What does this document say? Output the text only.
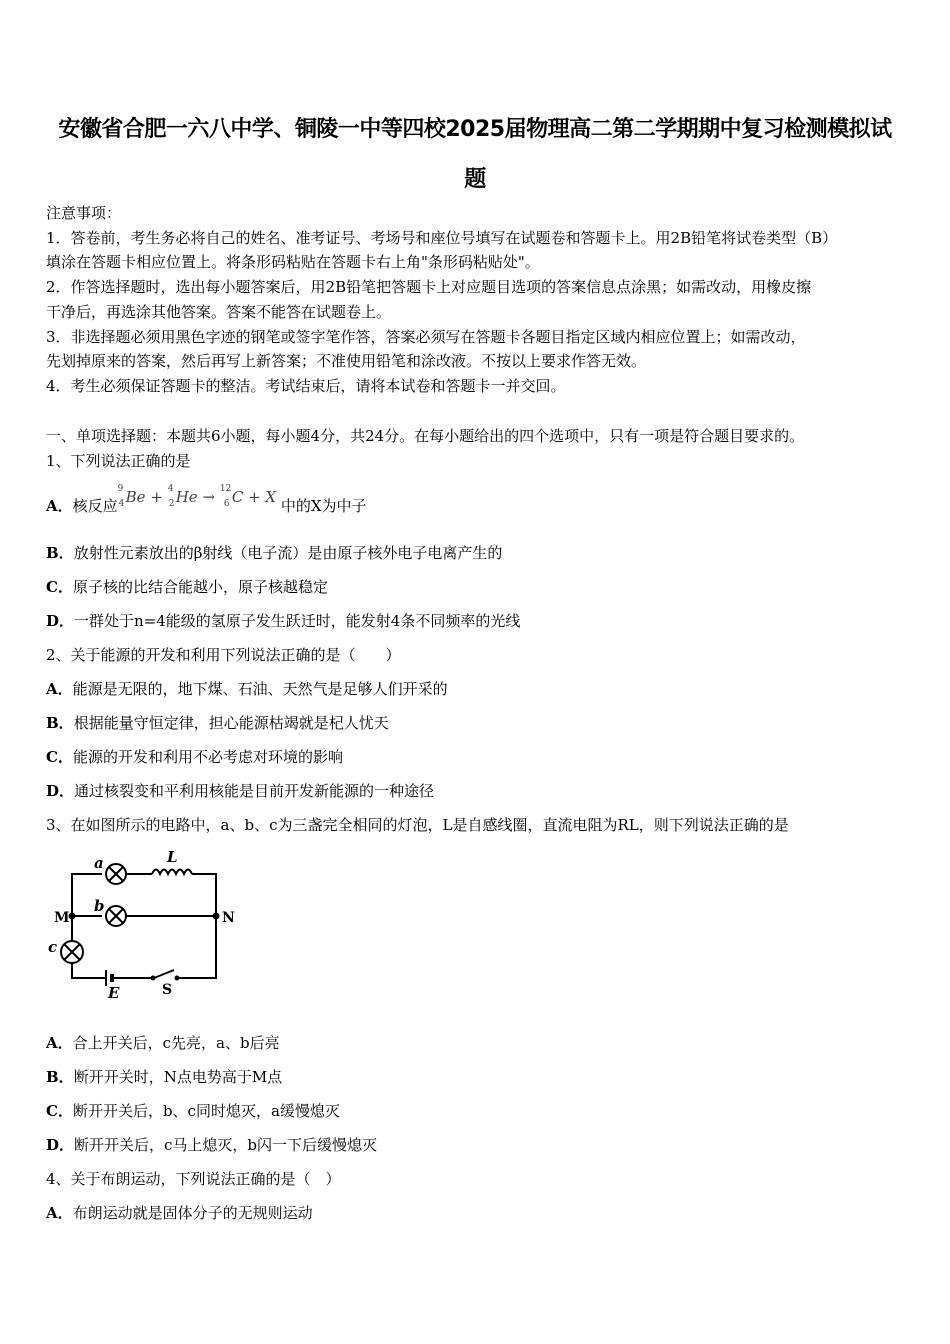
安徽省合肥一六八中学、铜陵一中等四校2025届物理高二第二学期期中复习检测模拟试
题
注意事项：
1．答卷前，考生务必将自己的姓名、准考证号、考场号和座位号填写在试题卷和答题卡上。用2B铅笔将试卷类型（B）
填涂在答题卡相应位置上。将条形码粘贴在答题卡右上角"条形码粘贴处"。
2．作答选择题时，选出每小题答案后，用2B铅笔把答题卡上对应题目选项的答案信息点涂黑；如需改动，用橡皮擦
干净后，再选涂其他答案。答案不能答在试题卷上。
3．非选择题必须用黑色字迹的钢笔或签字笔作答，答案必须写在答题卡各题目指定区域内相应位置上；如需改动，
先划掉原来的答案，然后再写上新答案；不准使用铅笔和涂改液。不按以上要求作答无效。
4．考生必须保证答题卡的整洁。考试结束后，请将本试卷和答题卡一并交回。
一、单项选择题：本题共6小题，每小题4分，共24分。在每小题给出的四个选项中，只有一项是符合题目要求的。
1、下列说法正确的是
A．核反应
9
4 Be + 4
2 He → 12
6 C + X 中的X为中子
B．放射性元素放出的β射线（电子流）是由原子核外电子电离产生的
C．原子核的比结合能越小，原子核越稳定
D．一群处于n=4能级的氢原子发生跃迁时，能发射4条不同频率的光线
2、关于能源的开发和利用下列说法正确的是（　　）
A．能源是无限的，地下煤、石油、天然气是足够人们开采的
B．根据能量守恒定律，担心能源枯竭就是杞人忧天
C．能源的开发和利用不必考虑对环境的影响
D．通过核裂变和平利用核能是目前开发新能源的一种途径
3、在如图所示的电路中，a、b、c为三盏完全相同的灯泡，L是自感线圈，直流电阻为RL，则下列说法正确的是
a
b
c
L
E
M	N
S
A．合上开关后，c先亮，a、b后亮
B．断开开关时，N点电势高于M点
C．断开开关后，b、c同时熄灭，a缓慢熄灭
D．断开开关后，c马上熄灭，b闪一下后缓慢熄灭
4、关于布朗运动，下列说法正确的是（　）
A．布朗运动就是固体分子的无规则运动
